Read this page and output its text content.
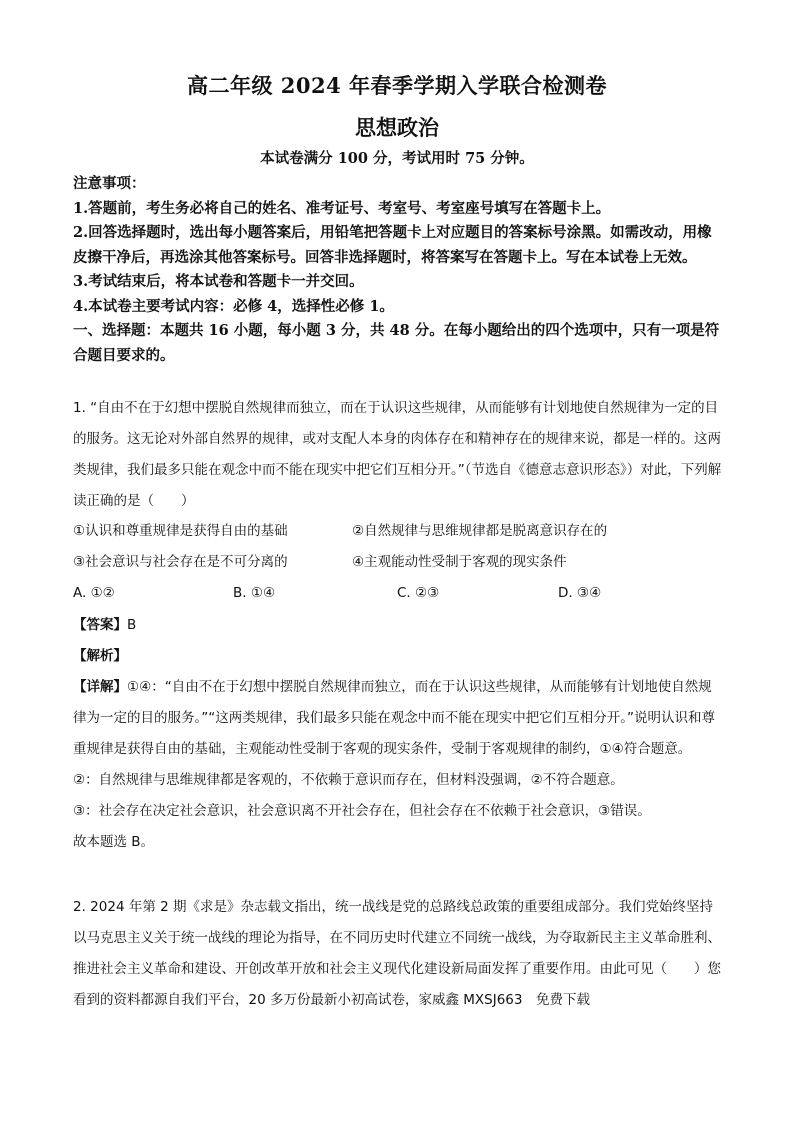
高二年级 2024 年春季学期入学联合检测卷
思想政治
本试卷满分 100 分，考试用时 75 分钟。

注意事项：

1.答题前，考生务必将自己的姓名、准考证号、考室号、考室座号填写在答题卡上。

2.回答选择题时，选出每小题答案后，用铅笔把答题卡上对应题目的答案标号涂黑。如需改动，用橡皮擦干净后，再选涂其他答案标号。回答非选择题时，将答案写在答题卡上。写在本试卷上无效。

3.考试结束后，将本试卷和答题卡一并交回。

4.本试卷主要考试内容：必修 4，选择性必修 1。

一、选择题：本题共 16 小题，每小题 3 分，共 48 分。在每小题给出的四个选项中，只有一项是符合题目要求的。

1. “自由不在于幻想中摆脱自然规律而独立，而在于认识这些规律，从而能够有计划地使自然规律为一定的目的服务。这无论对外部自然界的规律，或对支配人本身的肉体存在和精神存在的规律来说，都是一样的。这两类规律，我们最多只能在观念中而不能在现实中把它们互相分开。”（节选自《德意志意识形态》）对此，下列解读正确的是（　　）

①认识和尊重规律是获得自由的基础	②自然规律与思维规律都是脱离意识存在的
③社会意识与社会存在是不可分离的	④主观能动性受制于客观的现实条件
A. ①②	B. ①④	C. ②③	D. ③④
【答案】B
【解析】

【详解】①④：“自由不在于幻想中摆脱自然规律而独立，而在于认识这些规律，从而能够有计划地使自然规律为一定的目的服务。”“这两类规律，我们最多只能在观念中而不能在现实中把它们互相分开。”说明认识和尊重规律是获得自由的基础，主观能动性受制于客观的现实条件，受制于客观规律的制约，①④符合题意。

②：自然规律与思维规律都是客观的，不依赖于意识而存在，但材料没强调，②不符合题意。

③：社会存在决定社会意识，社会意识离不开社会存在，但社会存在不依赖于社会意识，③错误。

故本题选 B。

2. 2024 年第 2 期《求是》杂志载文指出，统一战线是党的总路线总政策的重要组成部分。我们党始终坚持以马克思主义关于统一战线的理论为指导，在不同历史时代建立不同统一战线，为夺取新民主主义革命胜利、推进社会主义革命和建设、开创改革开放和社会主义现代化建设新局面发挥了重要作用。由此可见（　　）您看到的资料都源自我们平台，20 多万份最新小初高试卷，家威鑫 MXSJ663　免费下载
